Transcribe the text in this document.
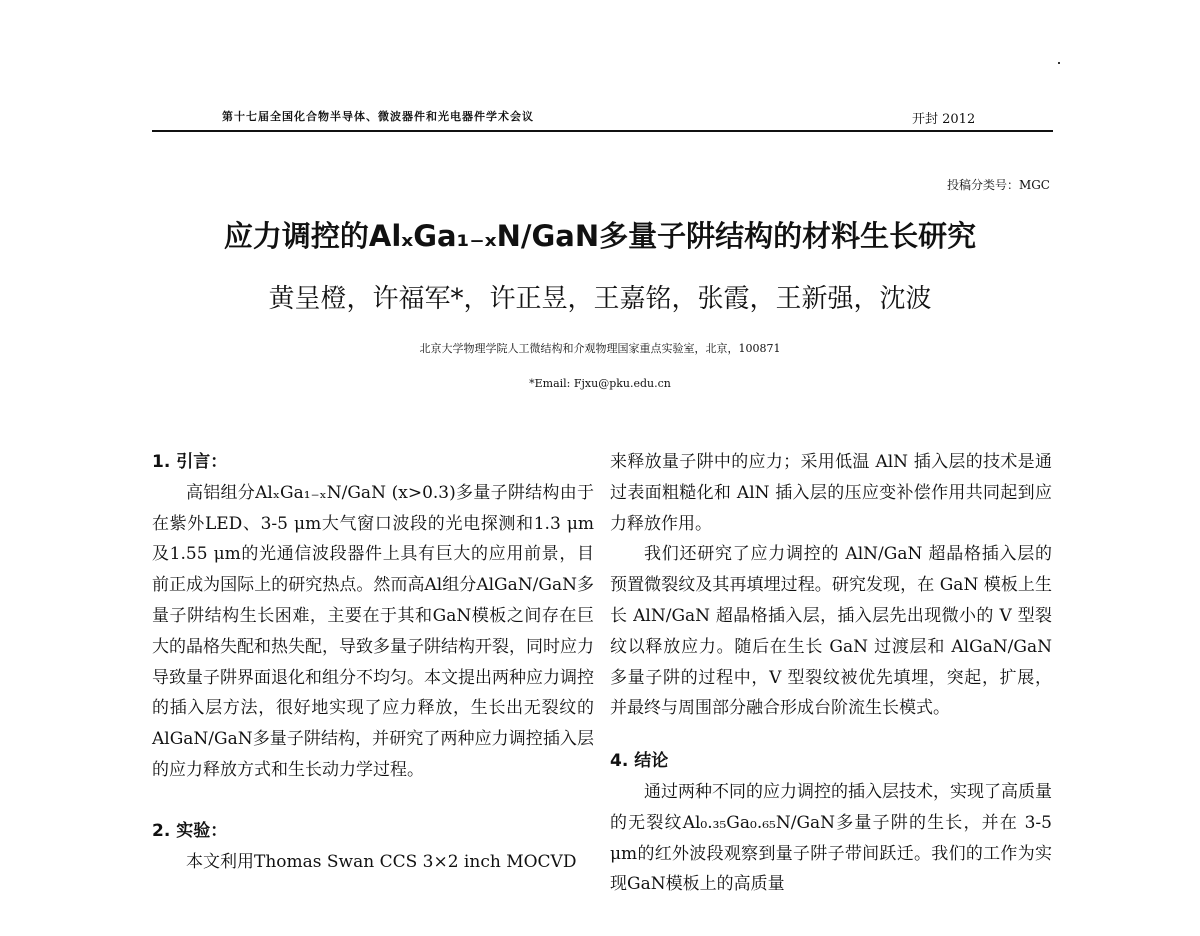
第十七届全国化合物半导体、微波器件和光电器件学术会议	开封 2012
投稿分类号：MGC
应力调控的AlₓGa₁₋ₓN/GaN多量子阱结构的材料生长研究
黄呈橙，许福军*，许正昱，王嘉铭，张霞，王新强，沈波
北京大学物理学院人工微结构和介观物理国家重点实验室，北京，100871
*Email: Fjxu@pku.edu.cn

1. 引言：

高铝组分AlₓGa₁₋ₓN/GaN (x>0.3)多量子阱结构由于在紫外LED、3-5 μm大气窗口波段的光电探测和1.3 μm及1.55 μm的光通信波段器件上具有巨大的应用前景，目前正成为国际上的研究热点。然而高Al组分AlGaN/GaN多量子阱结构生长困难，主要在于其和GaN模板之间存在巨大的晶格失配和热失配，导致多量子阱结构开裂，同时应力导致量子阱界面退化和组分不均匀。本文提出两种应力调控的插入层方法，很好地实现了应力释放，生长出无裂纹的AlGaN/GaN多量子阱结构，并研究了两种应力调控插入层的应力释放方式和生长动力学过程。

2. 实验：

本文利用Thomas Swan CCS 3×2 inch MOCVD

来释放量子阱中的应力；采用低温 AlN 插入层的技术是通过表面粗糙化和 AlN 插入层的压应变补偿作用共同起到应力释放作用。

我们还研究了应力调控的 AlN/GaN 超晶格插入层的预置微裂纹及其再填埋过程。研究发现，在 GaN 模板上生长 AlN/GaN 超晶格插入层，插入层先出现微小的 V 型裂纹以释放应力。随后在生长 GaN 过渡层和 AlGaN/GaN 多量子阱的过程中，V 型裂纹被优先填埋，突起，扩展，并最终与周围部分融合形成台阶流生长模式。

4. 结论

通过两种不同的应力调控的插入层技术，实现了高质量的无裂纹Al₀.₃₅Ga₀.₆₅N/GaN多量子阱的生长，并在 3-5 μm的红外波段观察到量子阱子带间跃迁。我们的工作为实现GaN模板上的高质量
